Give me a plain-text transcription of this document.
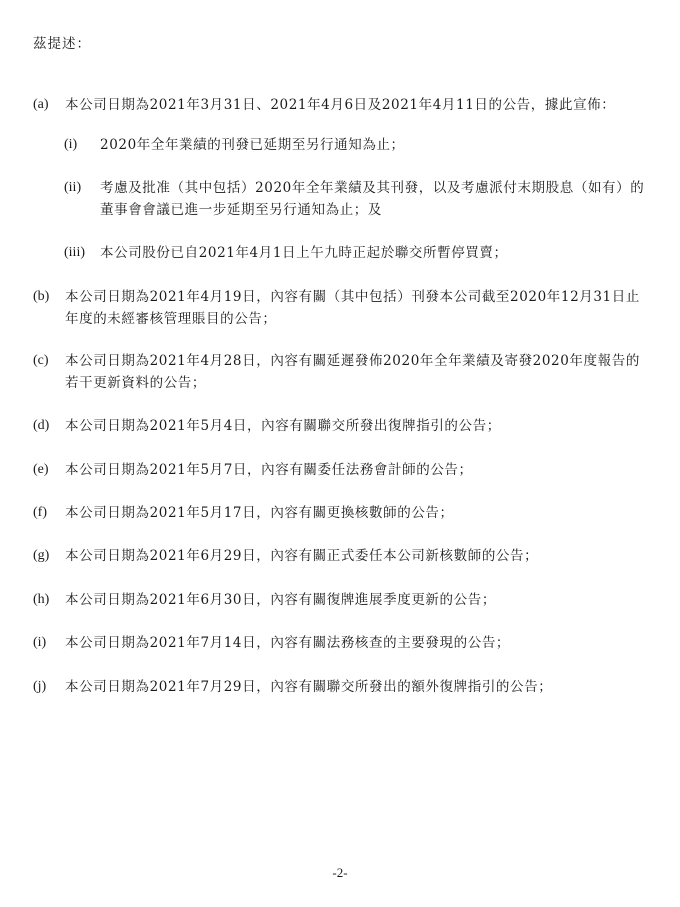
茲提述：

(a) 本公司日期為2021年3月31日、2021年4月6日及2021年4月11日的公告，據此宣佈：
(i) 2020年全年業績的刊發已延期至另行通知為止；
(ii) 考慮及批准（其中包括）2020年全年業績及其刊發，以及考慮派付末期股息（如有）的董事會會議已進一步延期至另行通知為止；及
(iii) 本公司股份已自2021年4月1日上午九時正起於聯交所暫停買賣；
(b) 本公司日期為2021年4月19日，內容有關（其中包括）刊發本公司截至2020年12月31日止年度的未經審核管理賬目的公告；
(c) 本公司日期為2021年4月28日，內容有關延遲發佈2020年全年業績及寄發2020年度報告的若干更新資料的公告；
(d) 本公司日期為2021年5月4日，內容有關聯交所發出復牌指引的公告；
(e) 本公司日期為2021年5月7日，內容有關委任法務會計師的公告；
(f) 本公司日期為2021年5月17日，內容有關更換核數師的公告；
(g) 本公司日期為2021年6月29日，內容有關正式委任本公司新核數師的公告；
(h) 本公司日期為2021年6月30日，內容有關復牌進展季度更新的公告；
(i) 本公司日期為2021年7月14日，內容有關法務核查的主要發現的公告；
(j) 本公司日期為2021年7月29日，內容有關聯交所發出的額外復牌指引的公告；

-2-
